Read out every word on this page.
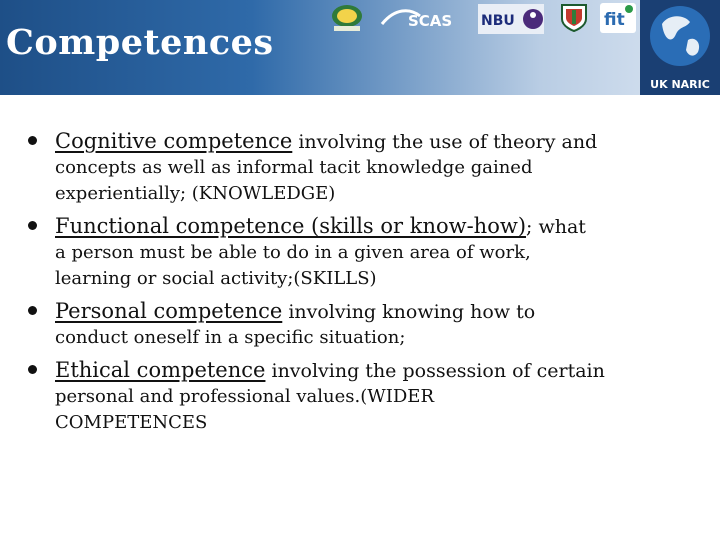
Competences
SCAS NBU	fit
UK NARIC
Cognitive competence involving the use of theory and
concepts as well as informal tacit knowledge gained
experientially; (KNOWLEDGE)
Functional competence (skills or know-how); what
a person must be able to do in a given area of work,
learning or social activity;(SKILLS)
Personal competence involving knowing how to
conduct oneself in a specific situation;
Ethical competence involving the possession of certain
personal and professional values.(WIDER
COMPETENCES
